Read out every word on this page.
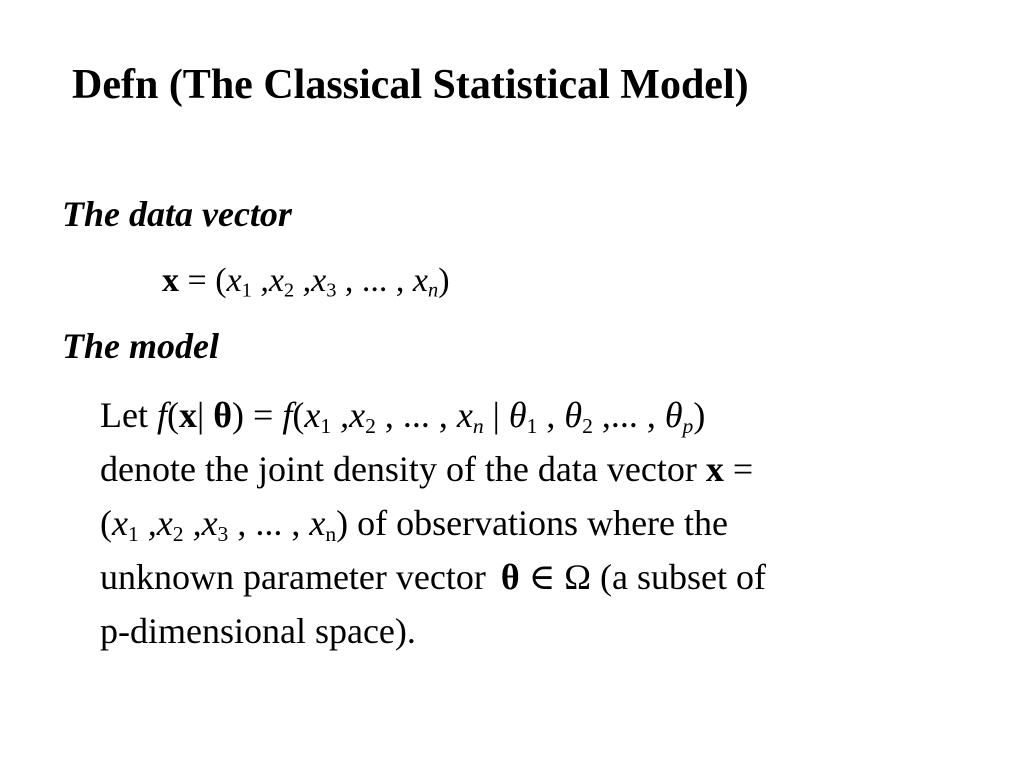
Defn (The Classical Statistical Model)
The data vector
$x = (x_1$ $,x_2$ $,x_3$ , ... , $x_n$)
The model
Let f(x| $\theta) = f(x_1$ $,x_2$ , ... , $x_n$ | $\theta_1$ , $\theta_2$ ,... , $\theta_p$)
denote the joint density of the data vector x =
($x_1$ $,x_2$ $,x_3$ , ... , $x_n$) of observations where the
unknown parameter vector θ ∈ Ω (a subset of
p-dimensional space).
